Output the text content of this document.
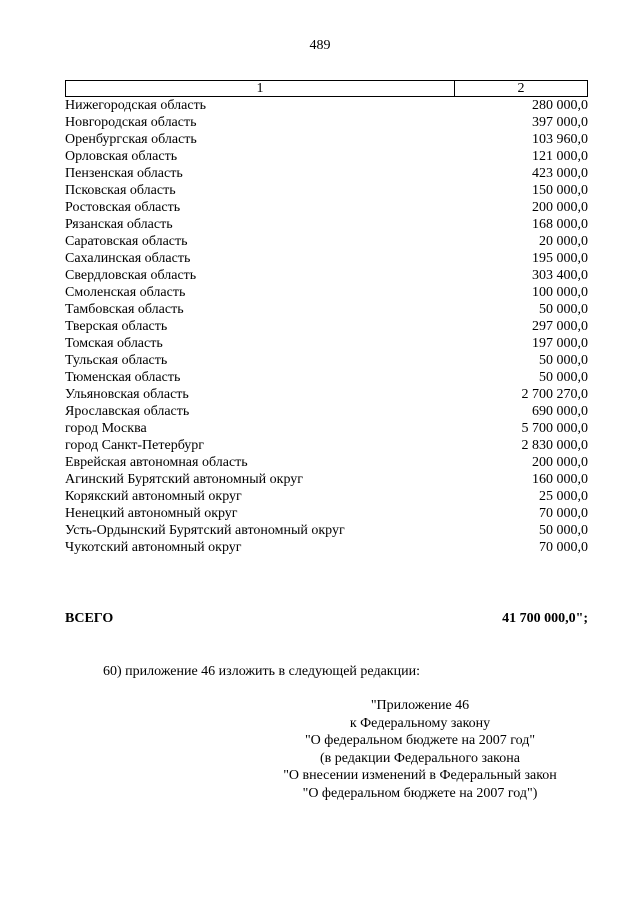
489
1	2
Нижегородская область	280 000,0
Новгородская область	397 000,0
Оренбургская область	103 960,0
Орловская область	121 000,0
Пензенская область	423 000,0
Псковская область	150 000,0
Ростовская область	200 000,0
Рязанская область	168 000,0
Саратовская область	20 000,0
Сахалинская область	195 000,0
Свердловская область	303 400,0
Смоленская область	100 000,0
Тамбовская область	50 000,0
Тверская область	297 000,0
Томская область	197 000,0
Тульская область	50 000,0
Тюменская область	50 000,0
Ульяновская область	2 700 270,0
Ярославская область	690 000,0
город Москва	5 700 000,0
город Санкт-Петербург	2 830 000,0
Еврейская автономная область	200 000,0
Агинский Бурятский автономный округ	160 000,0
Корякский автономный округ	25 000,0
Ненецкий автономный округ	70 000,0
Усть-Ордынский Бурятский автономный округ	50 000,0
Чукотский автономный округ	70 000,0
ВСЕГО	41 700 000,0";
60) приложение 46 изложить в следующей редакции:
"Приложение 46
к Федеральному закону
"О федеральном бюджете на 2007 год"
(в редакции Федерального закона
"О внесении изменений в Федеральный закон
"О федеральном бюджете на 2007 год")
